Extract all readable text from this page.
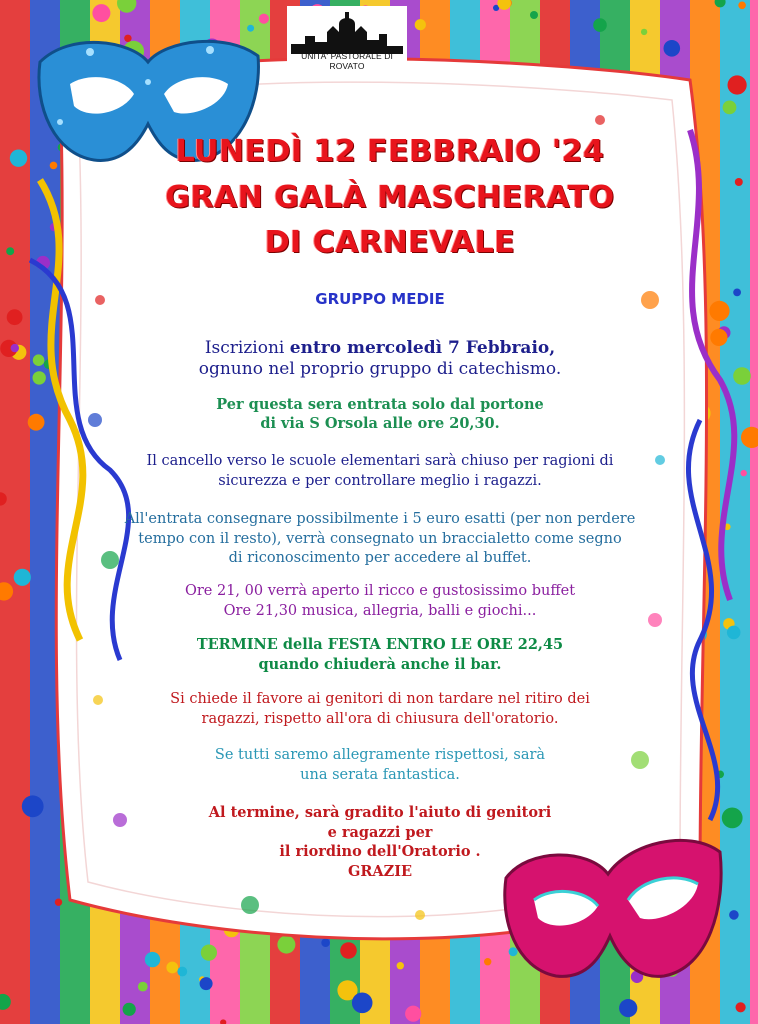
UNITA' PASTORALE DI ROVATO
LUNEDÌ 12 FEBBRAIO '24
GRAN GALÀ MASCHERATO
DI CARNEVALE
GRUPPO MEDIE
Iscrizioni entro mercoledì 7 Febbraio,
ognuno nel proprio gruppo di catechismo.
Per questa sera entrata solo dal portone
di via S Orsola alle ore 20,30.
Il cancello verso le scuole elementari sarà chiuso per ragioni di
sicurezza e per controllare meglio i ragazzi.
All'entrata consegnare possibilmente i 5 euro esatti (per non perdere
tempo con il resto), verrà consegnato un braccialetto come segno
di riconoscimento per accedere al buffet.
Ore 21, 00 verrà aperto il ricco e gustosissimo buffet
Ore 21,30 musica, allegria, balli e giochi...
TERMINE della FESTA ENTRO LE ORE 22,45
quando chiuderà anche il bar.
Si chiede il favore ai genitori di non tardare nel ritiro dei
ragazzi, rispetto all'ora di chiusura dell'oratorio.
Se tutti saremo allegramente rispettosi, sarà
una serata fantastica.
Al termine, sarà gradito l'aiuto di genitori
e ragazzi per
il riordino dell'Oratorio .
GRAZIE
